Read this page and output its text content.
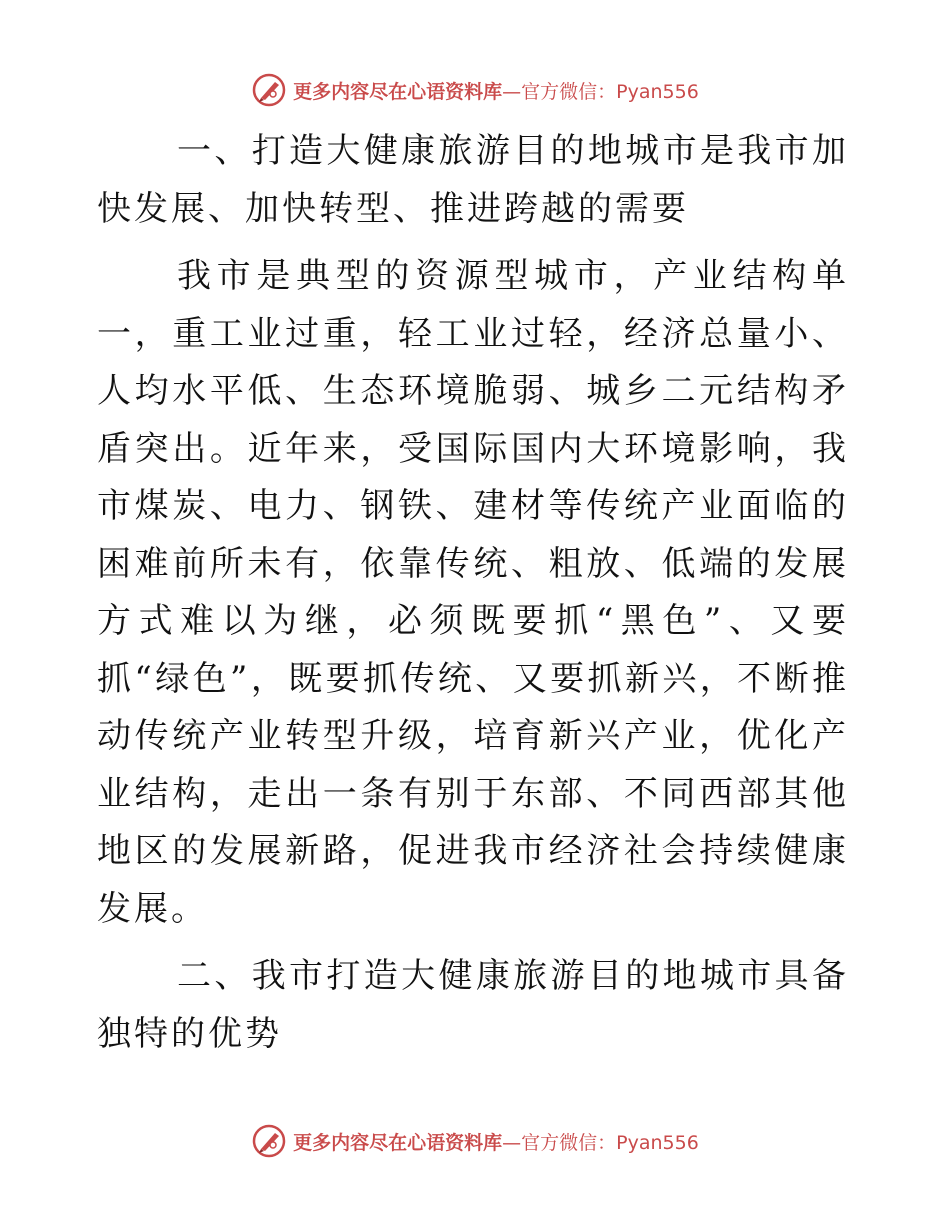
更多内容尽在心语资料库—官方微信：Pyan556

一、打造大健康旅游目的地城市是我市加快发展、加快转型、推进跨越的需要

我市是典型的资源型城市，产业结构单一，重工业过重，轻工业过轻，经济总量小、人均水平低、生态环境脆弱、城乡二元结构矛盾突出。近年来，受国际国内大环境影响，我市煤炭、电力、钢铁、建材等传统产业面临的困难前所未有，依靠传统、粗放、低端的发展方式难以为继，必须既要抓“黑色”、又要抓“绿色”，既要抓传统、又要抓新兴，不断推动传统产业转型升级，培育新兴产业，优化产业结构，走出一条有别于东部、不同西部其他地区的发展新路，促进我市经济社会持续健康发展。

二、我市打造大健康旅游目的地城市具备独特的优势

更多内容尽在心语资料库—官方微信：Pyan556
